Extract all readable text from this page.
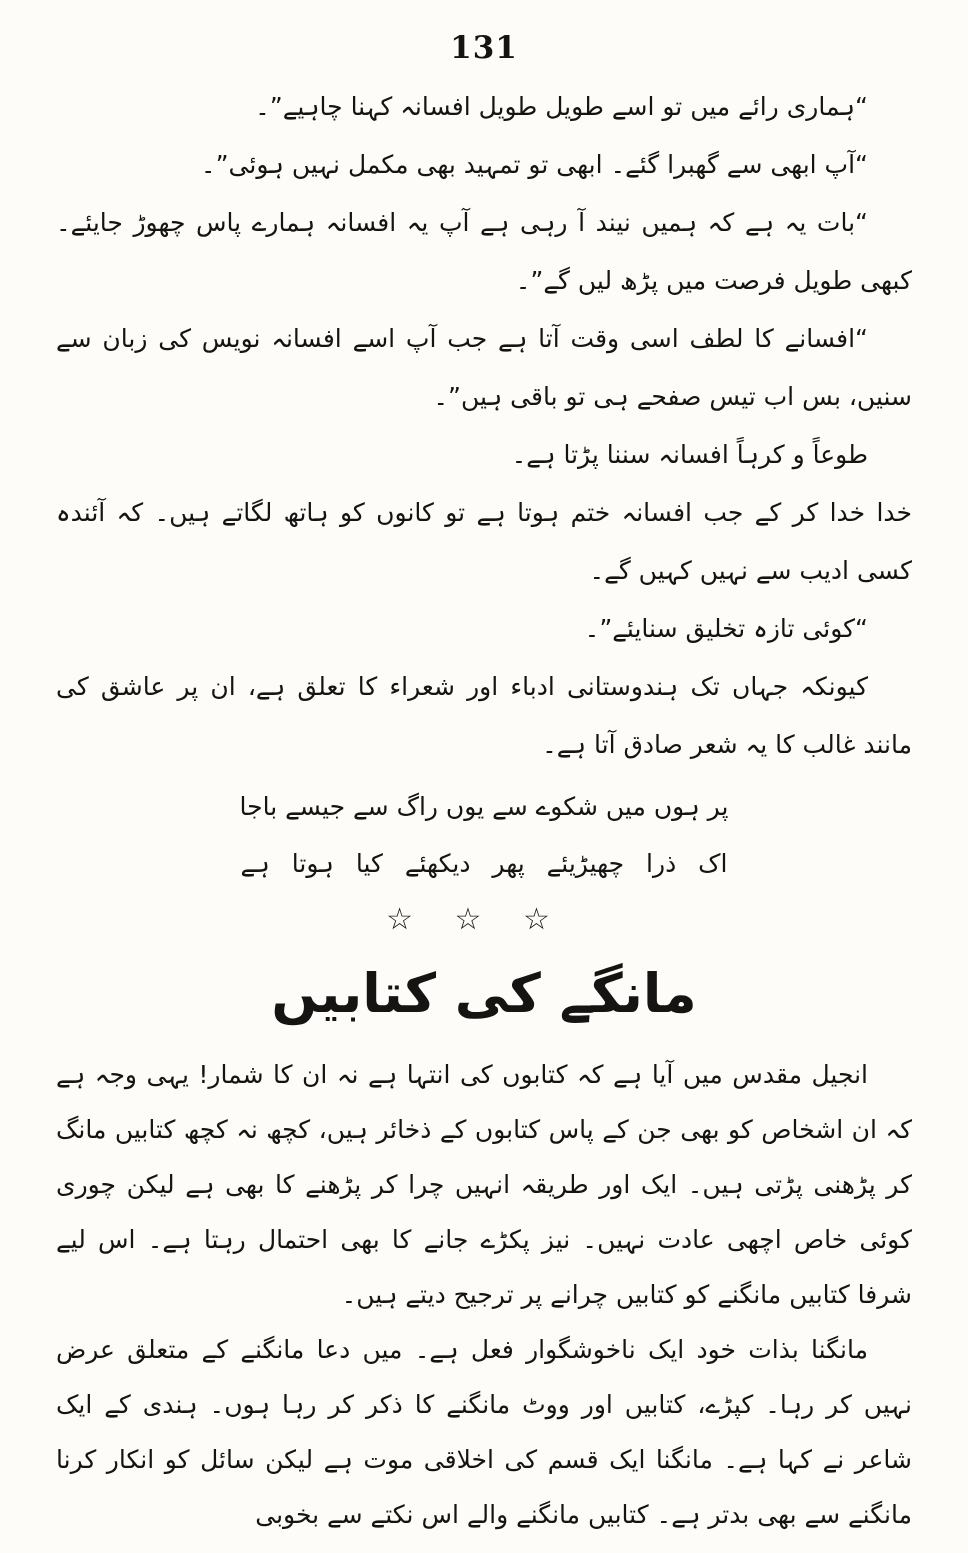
131

“ہماری رائے میں تو اسے طویل طویل افسانہ کہنا چاہیے”۔

“آپ ابھی سے گھبرا گئے۔ ابھی تو تمہید بھی مکمل نہیں ہوئی”۔

“بات یہ ہے کہ ہمیں نیند آ رہی ہے آپ یہ افسانہ ہمارے پاس چھوڑ جایئے۔ کبھی طویل فرصت میں پڑھ لیں گے”۔

“افسانے کا لطف اسی وقت آتا ہے جب آپ اسے افسانہ نویس کی زبان سے سنیں، بس اب تیس صفحے ہی تو باقی ہیں”۔

طوعاً و کرہاً افسانہ سننا پڑتا ہے۔

خدا خدا کر کے جب افسانہ ختم ہوتا ہے تو کانوں کو ہاتھ لگاتے ہیں۔ کہ آئندہ کسی ادیب سے نہیں کہیں گے۔

“کوئی تازہ تخلیق سنایئے”۔

کیونکہ جہاں تک ہندوستانی ادباء اور شعراء کا تعلق ہے، ان پر عاشق کی مانند غالب کا یہ شعر صادق آتا ہے۔

پر ہوں میں شکوے سے یوں راگ سے جیسے باجا

اک ذرا چھیڑیئے پھر دیکھئے کیا ہوتا ہے

☆ ☆ ☆
مانگے کی کتابیں

انجیل مقدس میں آیا ہے کہ کتابوں کی انتہا ہے نہ ان کا شمار! یہی وجہ ہے کہ ان اشخاص کو بھی جن کے پاس کتابوں کے ذخائر ہیں، کچھ نہ کچھ کتابیں مانگ کر پڑھنی پڑتی ہیں۔ ایک اور طریقہ انہیں چرا کر پڑھنے کا بھی ہے لیکن چوری کوئی خاص اچھی عادت نہیں۔ نیز پکڑے جانے کا بھی احتمال رہتا ہے۔ اس لیے شرفا کتابیں مانگنے کو کتابیں چرانے پر ترجیح دیتے ہیں۔

مانگنا بذات خود ایک ناخوشگوار فعل ہے۔ میں دعا مانگنے کے متعلق عرض نہیں کر رہا۔ کپڑے، کتابیں اور ووٹ مانگنے کا ذکر کر رہا ہوں۔ ہندی کے ایک شاعر نے کہا ہے۔ مانگنا ایک قسم کی اخلاقی موت ہے لیکن سائل کو انکار کرنا مانگنے سے بھی بدتر ہے۔ کتابیں مانگنے والے اس نکتے سے بخوبی
